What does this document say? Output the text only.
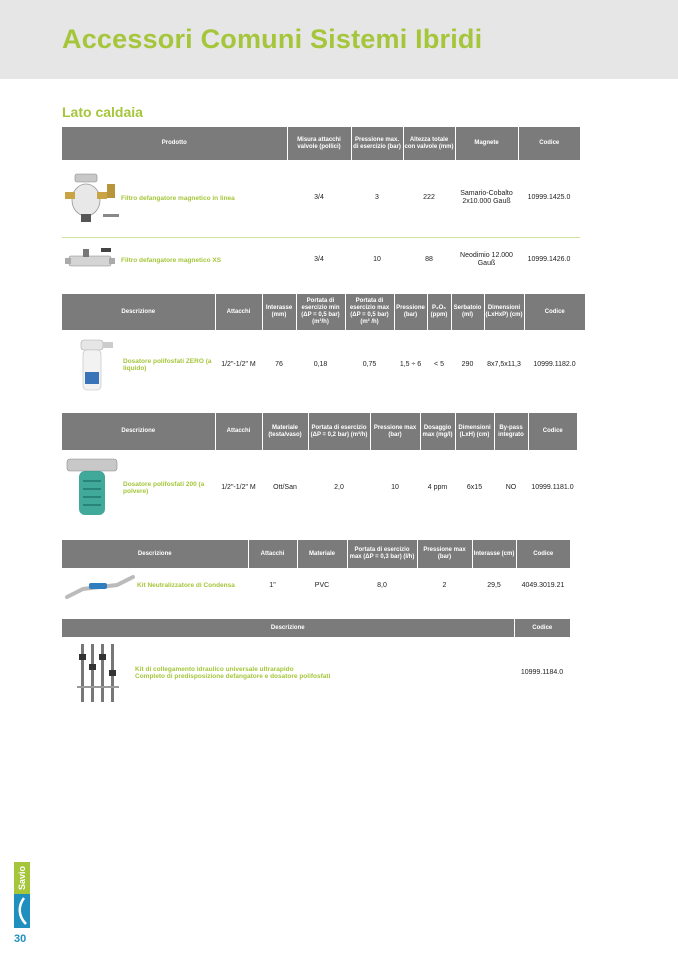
Accessori Comuni Sistemi Ibridi
Lato caldaia
Prodotto	Misura attacchi valvole (pollici)	Pressione max. di esercizio (bar)	Altezza totale con valvole (mm)	Magnete	Codice

Filtro defangatore magnetico in linea	3/4	3	222	Samario-Cobalto 2x10.000 Gauß	10999.1425.0

Filtro defangatore magnetico XS	3/4	10	88	Neodimio 12.000 Gauß	10999.1426.0
Descrizione	Attacchi	Interasse (mm)	Portata di esercizio min (ΔP = 0,5 bar) (m³/h)	Portata di esercizio max (ΔP = 0,5 bar) (m³ /h)	Pressione (bar)	P₂O₅ (ppm)	Serbatoio (ml)	Dimensioni (LxHxP) (cm)	Codice

Dosatore polifosfati ZERO (a liquido)	1/2"-1/2" M	76	0,18	0,75	1,5 ÷ 6	< 5	290	8x7,5x11,3	10999.1182.0
Descrizione	Attacchi	Materiale (testa/vaso)	Portata di esercizio (ΔP = 0,2 bar) (m³/h)	Pressione max (bar)	Dosaggio max (mg/l)	Dimensioni (LxH) (cm)	By-pass integrato	Codice

Dosatore polifosfati 200 (a polvere)	1/2"-1/2" M	Ott/San	2,0	10	4 ppm	6x15	NO	10999.1181.0
Descrizione	Attacchi	Materiale	Portata di esercizio max (ΔP = 0,3 bar) (l/h)	Pressione max (bar)	Interasse (cm)	Codice

Kit Neutralizzatore di Condensa	1"	PVC	8,0	2	29,5	4049.3019.21
Descrizione	Codice

Kit di collegamento idraulico universale ultrarapido
Completo di predisposizione defangatore e dosatore polifosfati	10999.1184.0
Savio
30
